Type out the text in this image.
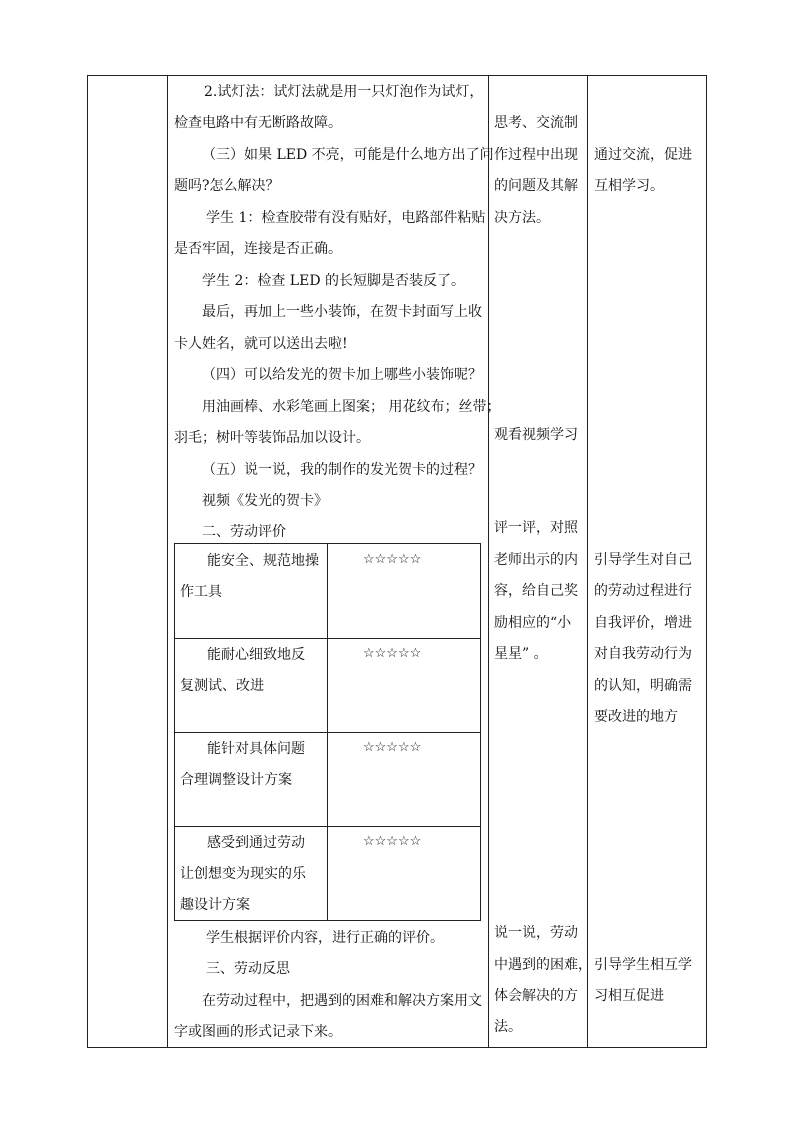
2.试灯法：试灯法就是用一只灯泡作为试灯，
检查电路中有无断路故障。
（三）如果 LED 不亮，可能是什么地方出了问
题吗?怎么解决？
学生 1：检查胶带有没有贴好，电路部件粘贴
是否牢固，连接是否正确。
学生 2：检查 LED 的长短脚是否装反了。
最后，再加上一些小装饰，在贺卡封面写上收
卡人姓名，就可以送出去啦!
（四）可以给发光的贺卡加上哪些小装饰呢？
用油画棒、水彩笔画上图案； 用花纹布；丝带；
羽毛；树叶等装饰品加以设计。
（五）说一说，我的制作的发光贺卡的过程？
视频《发光的贺卡》
二、劳动评价
能安全、规范地操
作工具
☆☆☆☆☆
能耐心细致地反
复测试、改进
☆☆☆☆☆
能针对具体问题
合理调整设计方案
☆☆☆☆☆
感受到通过劳动
让创想变为现实的乐
趣设计方案
☆☆☆☆☆
学生根据评价内容，进行正确的评价。
三、劳动反思
在劳动过程中，把遇到的困难和解决方案用文
字或图画的形式记录下来。
思考、交流制
作过程中出现
的问题及其解
决方法。
观看视频学习
评一评，对照
老师出示的内
容，给自己奖
励相应的“小
星星” 。
说一说，劳动
中遇到的困难，
体会解决的方
法。
通过交流，促进
互相学习。
引导学生对自己
的劳动过程进行
自我评价，增进
对自我劳动行为
的认知，明确需
要改进的地方
引导学生相互学
习相互促进
